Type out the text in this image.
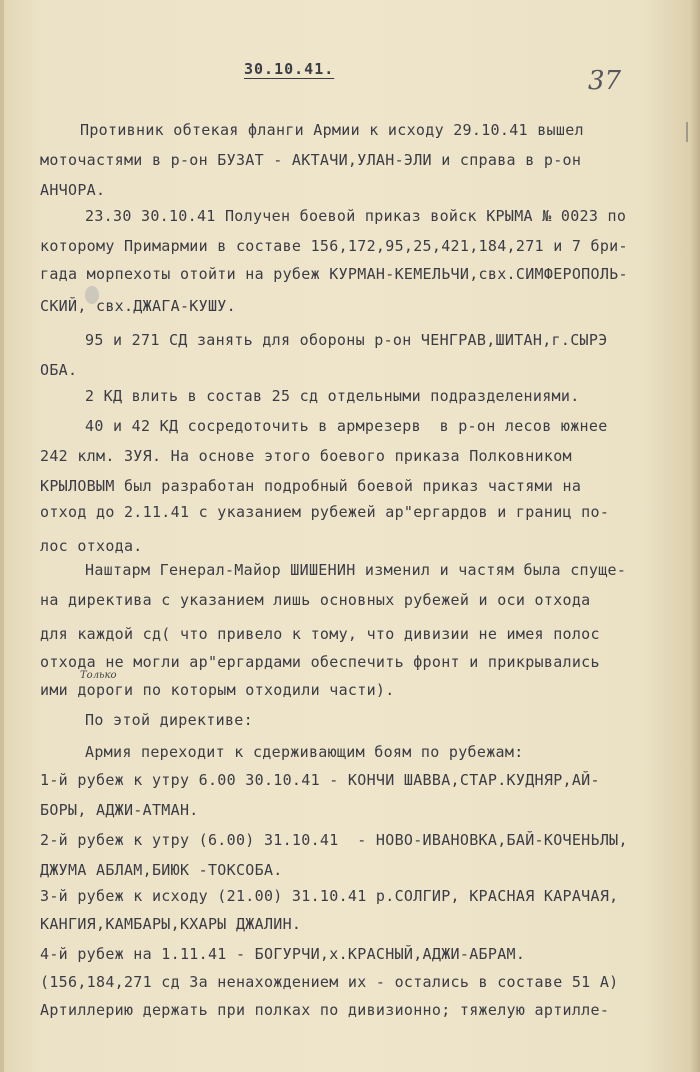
30.10.41.	37
Противник обтекая фланги Армии к исходу 29.10.41 вышел
моточастями в р-он БУЗАТ - АКТАЧИ,УЛАН-ЭЛИ и справа в р-он
АНЧОРА.
23.30 30.10.41 Получен боевой приказ войск КРЫМА № 0023 по
которому Примармии в составе 156,172,95,25,421,184,271 и 7 бри-
гада морпехоты отойти на рубеж КУРМАН-КЕМЕЛЬЧИ,свх.СИМФЕРОПОЛЬ-
СКИЙ, свх.ДЖАГА-КУШУ.
95 и 271 СД занять для обороны р-он ЧЕНГРАВ,ШИТАН,г.СЫРЭ
ОБА.
2 КД влить в состав 25 сд отдельными подразделениями.
40 и 42 КД сосредоточить в армрезерв  в р-он лесов южнее
242 клм. ЗУЯ. На основе этого боевого приказа Полковником
КРЫЛОВЫМ был разработан подробный боевой приказ частями на
отход до 2.11.41 с указанием рубежей ар"ергардов и границ по-
лос отхода.
Наштарм Генерал-Майор ШИШЕНИН изменил и частям была спуще-
на директива с указанием лишь основных рубежей и оси отхода
для каждой сд( что привело к тому, что дивизии не имея полос
отхода не могли ар"ергардами обеспечить фронт и прикрывались
ими дороги по которым отходили части).
По этой директиве:
Армия переходит к сдерживающим боям по рубежам:
1-й рубеж к утру 6.00 30.10.41 - КОНЧИ ШАВВА,СТАР.КУДНЯР,АЙ-
БОРЫ, АДЖИ-АТМАН.
2-й рубеж к утру (6.00) 31.10.41  - НОВО-ИВАНОВКА,БАЙ-КОЧЕНЬЛЫ,
ДЖУМА АБЛАМ,БИЮК -ТОКСОБА.
3-й рубеж к исходу (21.00) 31.10.41 р.СОЛГИР, КРАСНАЯ КАРАЧАЯ,
КАНГИЯ,КАМБАРЫ,КХАРЫ ДЖАЛИН.
4-й рубеж на 1.11.41 - БОГУРЧИ,х.КРАСНЫЙ,АДЖИ-АБРАМ.
(156,184,271 сд За ненахождением их - остались в составе 51 А)
Артиллерию держать при полках по дивизионно; тяжелую артилле-
Только
